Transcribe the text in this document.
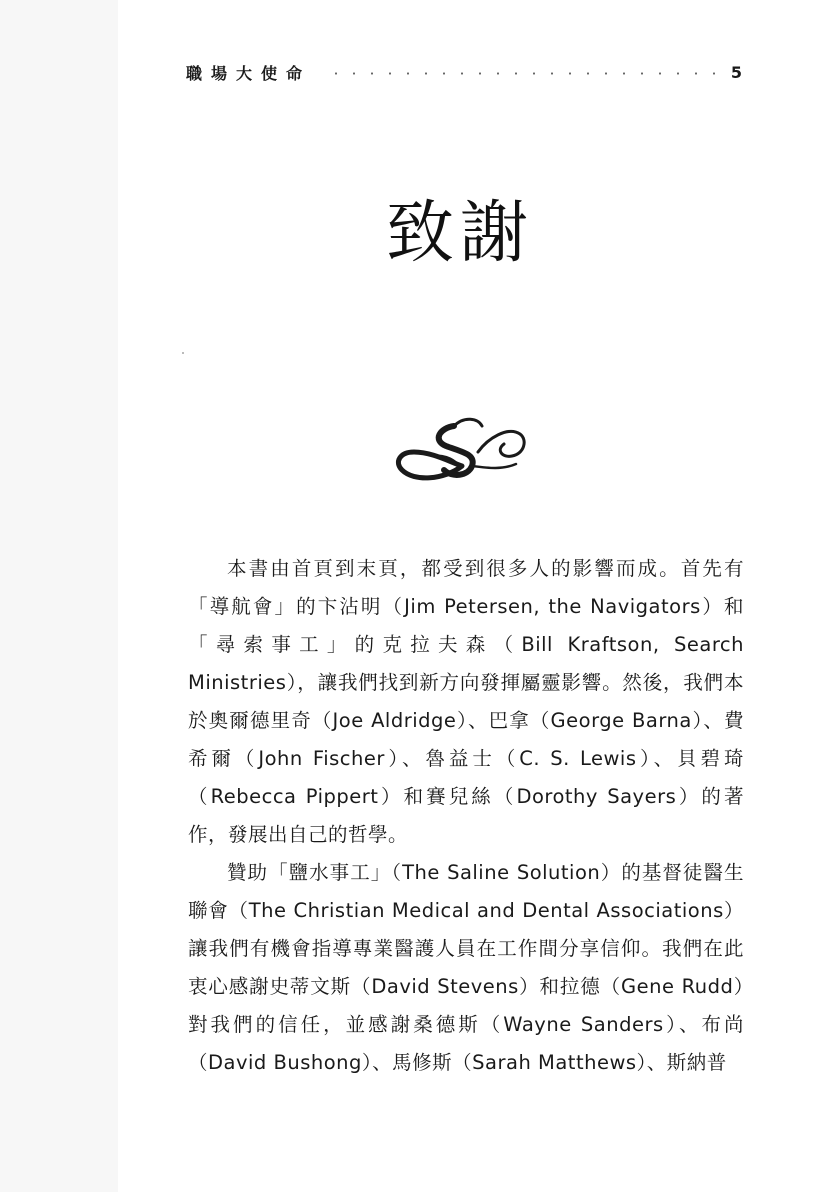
職場大使命	5
致謝

本書由首頁到末頁，都受到很多人的影響而成。首先有「導航會」的卞沾明（Jim Petersen, the Navigators）和「尋索事工」的克拉夫森（Bill Kraftson, Search Ministries），讓我們找到新方向發揮屬靈影響。然後，我們本於奧爾德里奇（Joe Aldridge）、巴拿（George Barna）、費希爾（John Fischer）、魯益士（C. S. Lewis）、貝碧琦（Rebecca Pippert）和賽兒絲（Dorothy Sayers）的著作，發展出自己的哲學。

贊助「鹽水事工」（The Saline Solution）的基督徒醫生聯會（The Christian Medical and Dental Associations）讓我們有機會指導專業醫護人員在工作間分享信仰。我們在此衷心感謝史蒂文斯（David Stevens）和拉德（Gene Rudd）對我們的信任，並感謝桑德斯（Wayne Sanders）、布尚（David Bushong）、馬修斯（Sarah Matthews）、斯納普
